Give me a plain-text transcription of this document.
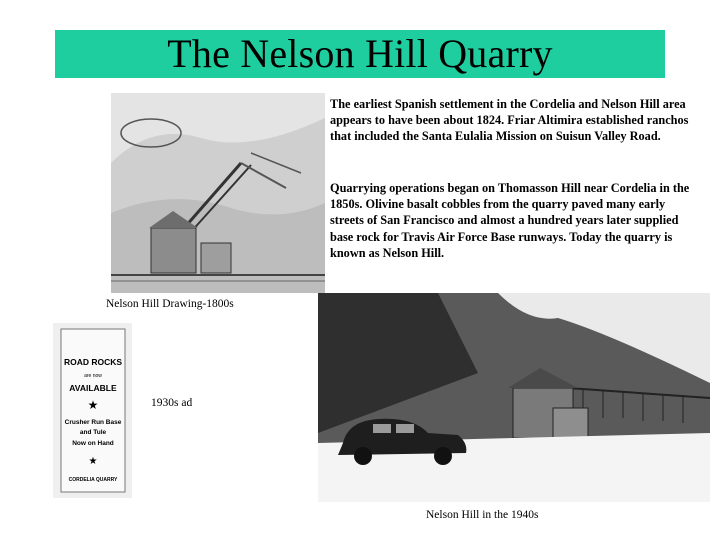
The Nelson Hill Quarry

The earliest Spanish settlement in the Cordelia and Nelson Hill area appears to have been about 1824. Friar Altimira established ranchos that included the Santa Eulalia Mission on Suisun Valley Road.

Quarrying operations began on Thomasson Hill near Cordelia in the 1850s. Olivine basalt cobbles from the quarry paved many early streets of San Francisco and almost a hundred years later supplied base rock for Travis Air Force Base runways. Today the quarry is known as Nelson Hill.

Nelson Hill Drawing-1800s

ROAD ROCKS
are now
AVAILABLE
★
Crusher Run Base
and Tule
Now on Hand
★
CORDELIA QUARRY

1930s ad

Nelson Hill in the 1940s
